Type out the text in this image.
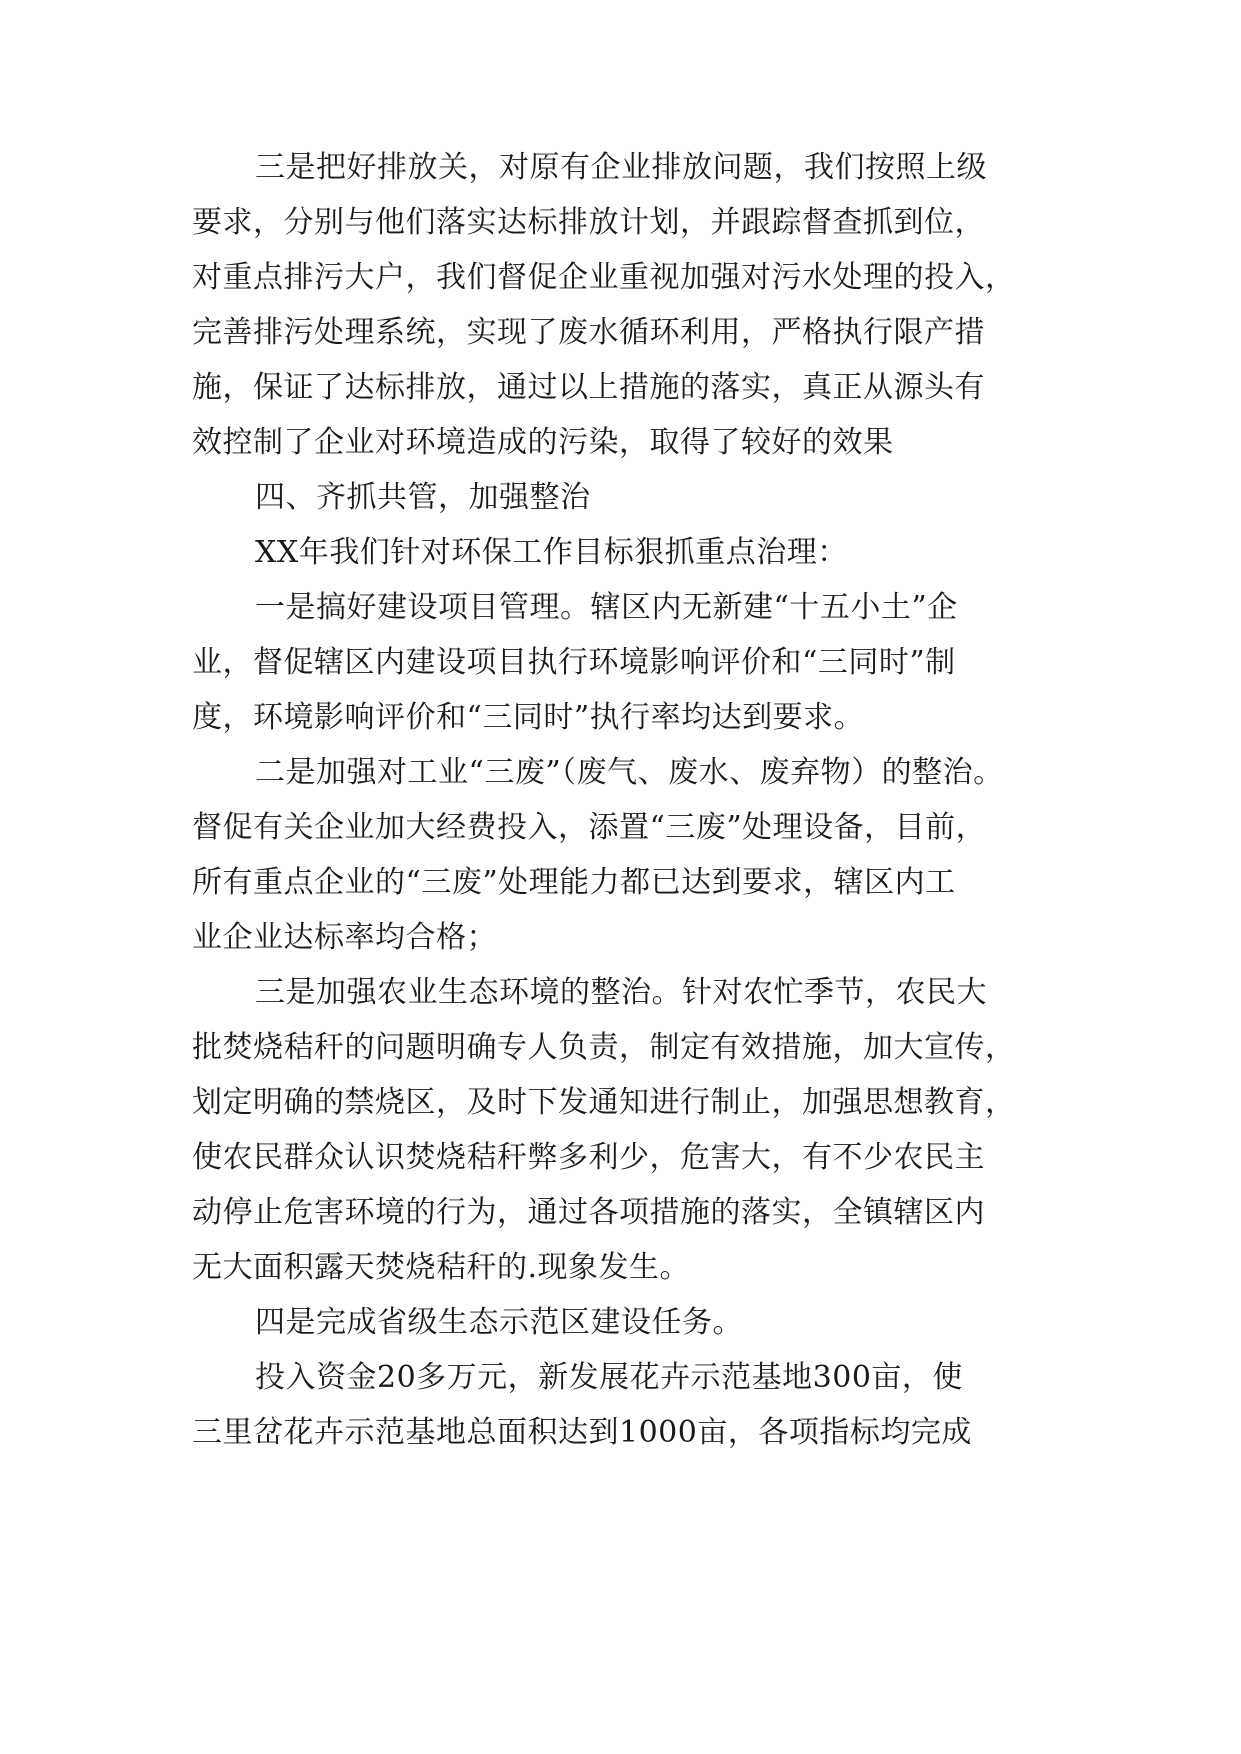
三是把好排放关，对原有企业排放问题，我们按照上级
要求，分别与他们落实达标排放计划，并跟踪督查抓到位，
对重点排污大户，我们督促企业重视加强对污水处理的投入，
完善排污处理系统，实现了废水循环利用，严格执行限产措
施，保证了达标排放，通过以上措施的落实，真正从源头有
效控制了企业对环境造成的污染，取得了较好的效果
四、齐抓共管，加强整治
XX年我们针对环保工作目标狠抓重点治理：
一是搞好建设项目管理。辖区内无新建“十五小土”企
业，督促辖区内建设项目执行环境影响评价和“三同时”制
度，环境影响评价和“三同时”执行率均达到要求。
二是加强对工业“三废”（废气、废水、废弃物）的整治。
督促有关企业加大经费投入，添置“三废”处理设备，目前，
所有重点企业的“三废”处理能力都已达到要求，辖区内工
业企业达标率均合格；
三是加强农业生态环境的整治。针对农忙季节，农民大
批焚烧秸秆的问题明确专人负责，制定有效措施，加大宣传，
划定明确的禁烧区，及时下发通知进行制止，加强思想教育，
使农民群众认识焚烧秸秆弊多利少，危害大，有不少农民主
动停止危害环境的行为，通过各项措施的落实，全镇辖区内
无大面积露天焚烧秸秆的.现象发生。
四是完成省级生态示范区建设任务。
投入资金20多万元，新发展花卉示范基地300亩，使
三里岔花卉示范基地总面积达到1000亩，各项指标均完成
